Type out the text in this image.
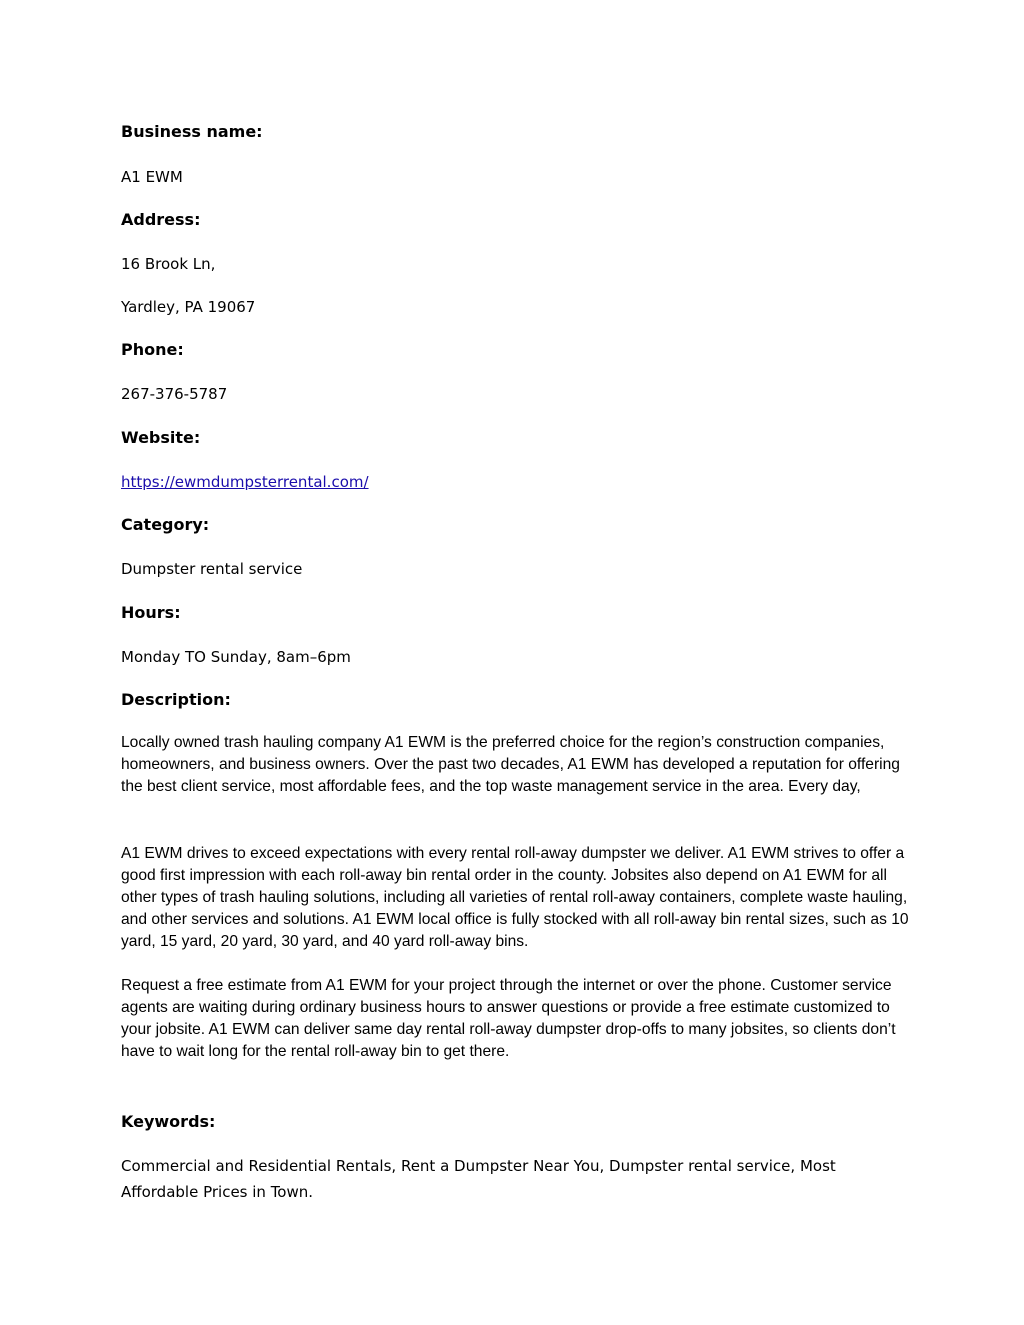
Business name:

A1 EWM

Address:

16 Brook Ln,

Yardley, PA 19067

Phone:

267-376-5787

Website:

https://ewmdumpsterrental.com/

Category:

Dumpster rental service

Hours:

Monday TO Sunday, 8am–6pm

Description:

Locally owned trash hauling company A1 EWM is the preferred choice for the region’s construction companies, homeowners, and business owners. Over the past two decades, A1 EWM has developed a reputation for offering the best client service, most affordable fees, and the top waste management service in the area. Every day,

A1 EWM drives to exceed expectations with every rental roll-away dumpster we deliver. A1 EWM strives to offer a good first impression with each roll-away bin rental order in the county. Jobsites also depend on A1 EWM for all other types of trash hauling solutions, including all varieties of rental roll-away containers, complete waste hauling, and other services and solutions. A1 EWM local office is fully stocked with all roll-away bin rental sizes, such as 10 yard, 15 yard, 20 yard, 30 yard, and 40 yard roll-away bins.

Request a free estimate from A1 EWM for your project through the internet or over the phone. Customer service agents are waiting during ordinary business hours to answer questions or provide a free estimate customized to your jobsite. A1 EWM can deliver same day rental roll-away dumpster drop-offs to many jobsites, so clients don’t have to wait long for the rental roll-away bin to get there.

Keywords:

Commercial and Residential Rentals, Rent a Dumpster Near You, Dumpster rental service, Most Affordable Prices in Town.
